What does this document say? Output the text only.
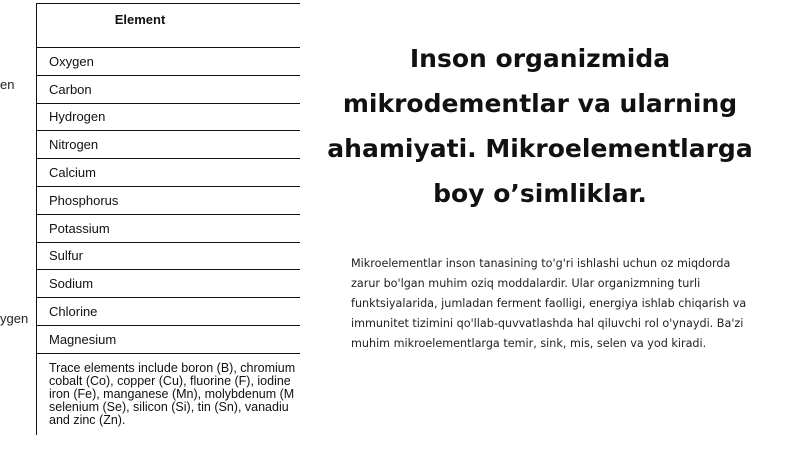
en
ygen
Element
Oxygen
Carbon
Hydrogen
Nitrogen
Calcium
Phosphorus
Potassium
Sulfur
Sodium
Chlorine
Magnesium
Trace elements include boron (B), chromium
cobalt (Co), copper (Cu), fluorine (F), iodine
iron (Fe), manganese (Mn), molybdenum (M
selenium (Se), silicon (Si), tin (Sn), vanadiu
and zinc (Zn).
Inson organizmida mikrodementlar va ularning ahamiyati. Mikroelementlarga boy o’simliklar.

Mikroelementlar inson tanasining to'g'ri ishlashi uchun oz miqdorda zarur bo'lgan muhim oziq moddalardir. Ular organizmning turli funktsiyalarida, jumladan ferment faolligi, energiya ishlab chiqarish va immunitet tizimini qo'llab-quvvatlashda hal qiluvchi rol o'ynaydi. Ba'zi muhim mikroelementlarga temir, sink, mis, selen va yod kiradi.
